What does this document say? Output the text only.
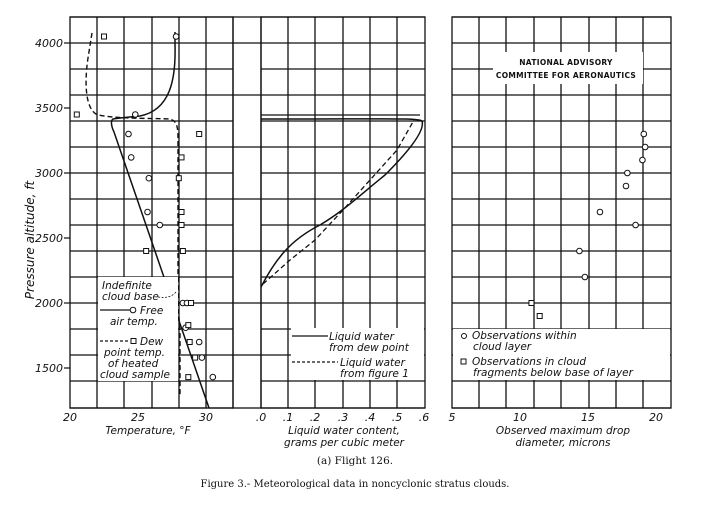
4000
3500
3000
2500
2000
1500
Pressure altitude, ft
20	25	30
Temperature, °F
.0 .1 .2 .3 .4 .5 .6
Liquid water content,
grams per cubic meter
5	10	15	20
Observed maximum drop
diameter, microns
NATIONAL ADVISORY
COMMITTEE FOR AERONAUTICS
Indefinite
cloud base
Free
air temp.
Dew
point temp.
of heated
cloud sample
Liquid water
from dew point
Liquid water
from figure 1
Observations within
cloud layer
Observations in cloud
fragments below base of layer
(a) Flight 126.
Figure 3.- Meteorological data in noncyclonic stratus clouds.
